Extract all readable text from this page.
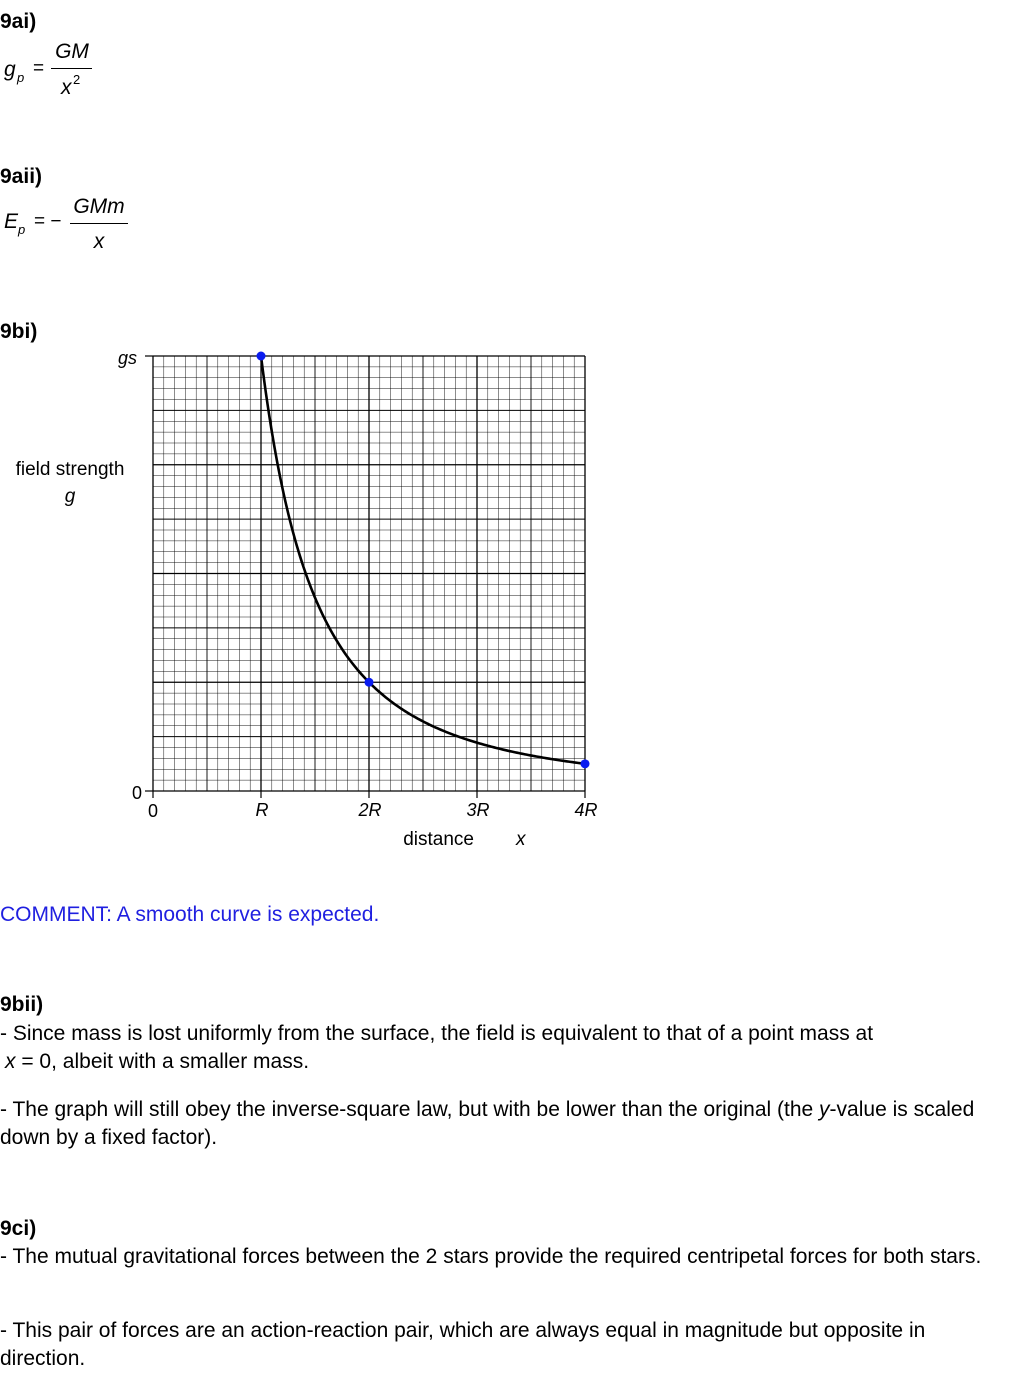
9ai)
g p =
GM
x 2
9aii)
E p = −
GMm
x
9bi)
gs
0
field strength
g
0	R	2R	3R	4R
distance x
COMMENT: A smooth curve is expected.
9bii)
- Since mass is lost uniformly from the surface, the field is equivalent to that of a point mass at
x = 0, albeit with a smaller mass.
- The graph will still obey the inverse-square law, but with be lower than the original (the y-value is scaled down by a fixed factor).
9ci)
- The mutual gravitational forces between the 2 stars provide the required centripetal forces for both stars.
- This pair of forces are an action-reaction pair, which are always equal in magnitude but opposite in direction.
